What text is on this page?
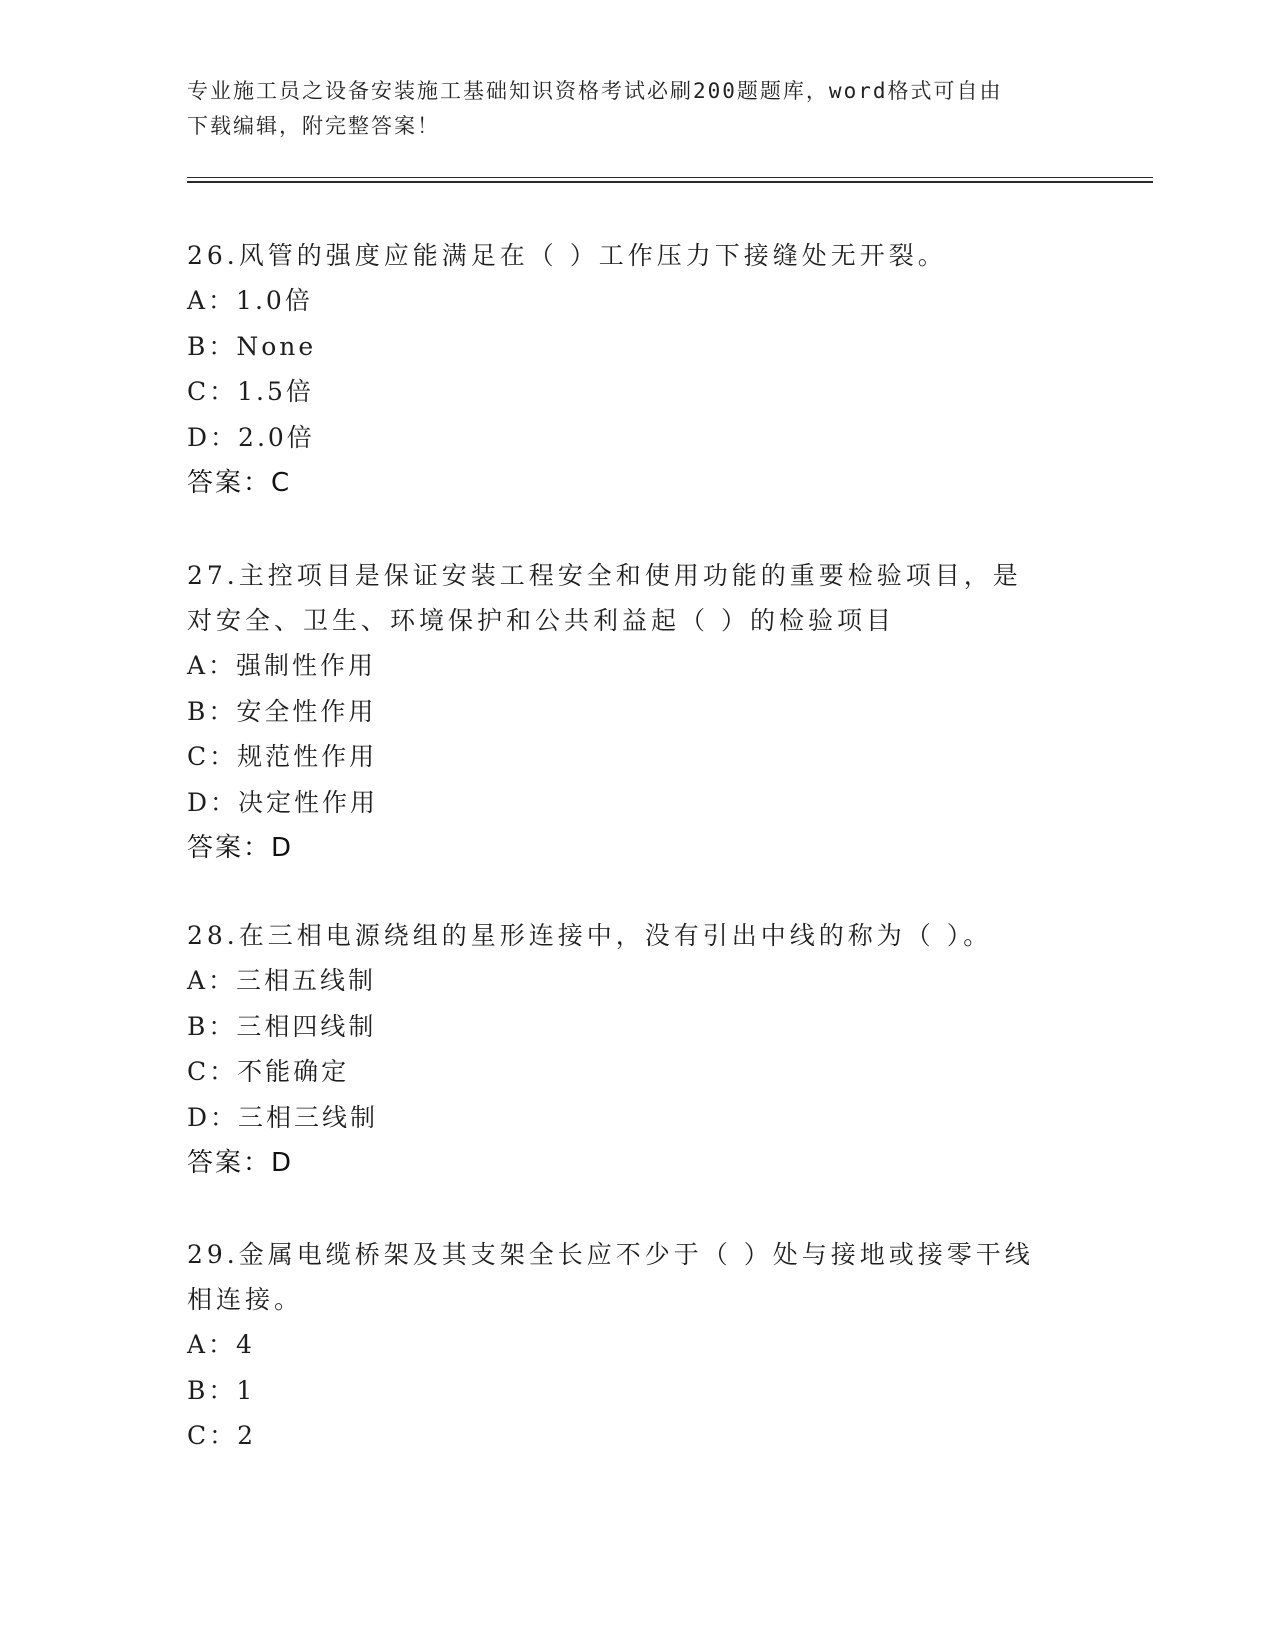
专业施工员之设备安装施工基础知识资格考试必刷200题题库，word格式可自由
下载编辑，附完整答案！
26.风管的强度应能满足在（ ）工作压力下接缝处无开裂。
A：1.0倍
B：None
C：1.5倍
D：2.0倍
答案：C
27.主控项目是保证安装工程安全和使用功能的重要检验项目，是对安全、卫生、环境保护和公共利益起（ ）的检验项目
A：强制性作用
B：安全性作用
C：规范性作用
D：决定性作用
答案：D
28.在三相电源绕组的星形连接中，没有引出中线的称为（ ）。
A：三相五线制
B：三相四线制
C：不能确定
D：三相三线制
答案：D
29.金属电缆桥架及其支架全长应不少于（ ）处与接地或接零干线相连接。
A：4
B：1
C：2
